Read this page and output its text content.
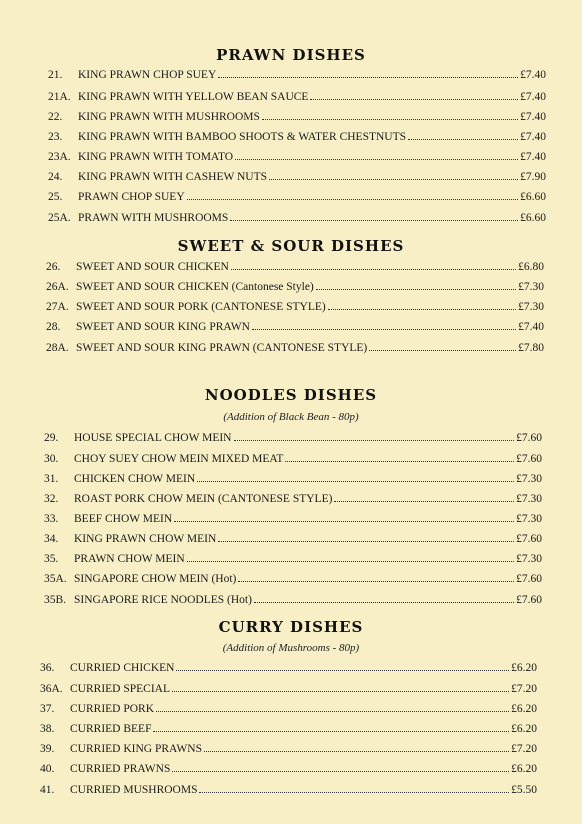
PRAWN DISHES
21.	KING PRAWN CHOP SUEY	£7.40
21A. KING PRAWN WITH YELLOW BEAN SAUCE	£7.40
22.	KING PRAWN WITH MUSHROOMS	£7.40
23.	KING PRAWN WITH BAMBOO SHOOTS & WATER CHESTNUTS	£7.40
23A. KING PRAWN WITH TOMATO	£7.40
24.	KING PRAWN WITH CASHEW NUTS	£7.90
25.	PRAWN CHOP SUEY	£6.60
25A. PRAWN WITH MUSHROOMS	£6.60
SWEET & SOUR DISHES
26.	SWEET AND SOUR CHICKEN	£6.80
26A. SWEET AND SOUR CHICKEN (Cantonese Style)	£7.30
27A. SWEET AND SOUR PORK (CANTONESE STYLE)	£7.30
28.	SWEET AND SOUR KING PRAWN	£7.40
28A. SWEET AND SOUR KING PRAWN (CANTONESE STYLE)	£7.80
NOODLES DISHES
(Addition of Black Bean - 80p)
29.	HOUSE SPECIAL CHOW MEIN	£7.60
30.	CHOY SUEY CHOW MEIN MIXED MEAT	£7.60
31.	CHICKEN CHOW MEIN	£7.30
32.	ROAST PORK CHOW MEIN (CANTONESE STYLE)	£7.30
33.	BEEF CHOW MEIN	£7.30
34.	KING PRAWN CHOW MEIN	£7.60
35.	PRAWN CHOW MEIN	£7.30
35A. SINGAPORE CHOW MEIN (Hot)	£7.60
35B. SINGAPORE RICE NOODLES (Hot)	£7.60
CURRY DISHES
(Addition of Mushrooms - 80p)
36.	CURRIED CHICKEN	£6.20
36A. CURRIED SPECIAL	£7.20
37.	CURRIED PORK	£6.20
38.	CURRIED BEEF	£6.20
39.	CURRIED KING PRAWNS	£7.20
40.	CURRIED PRAWNS	£6.20
41.	CURRIED MUSHROOMS	£5.50
